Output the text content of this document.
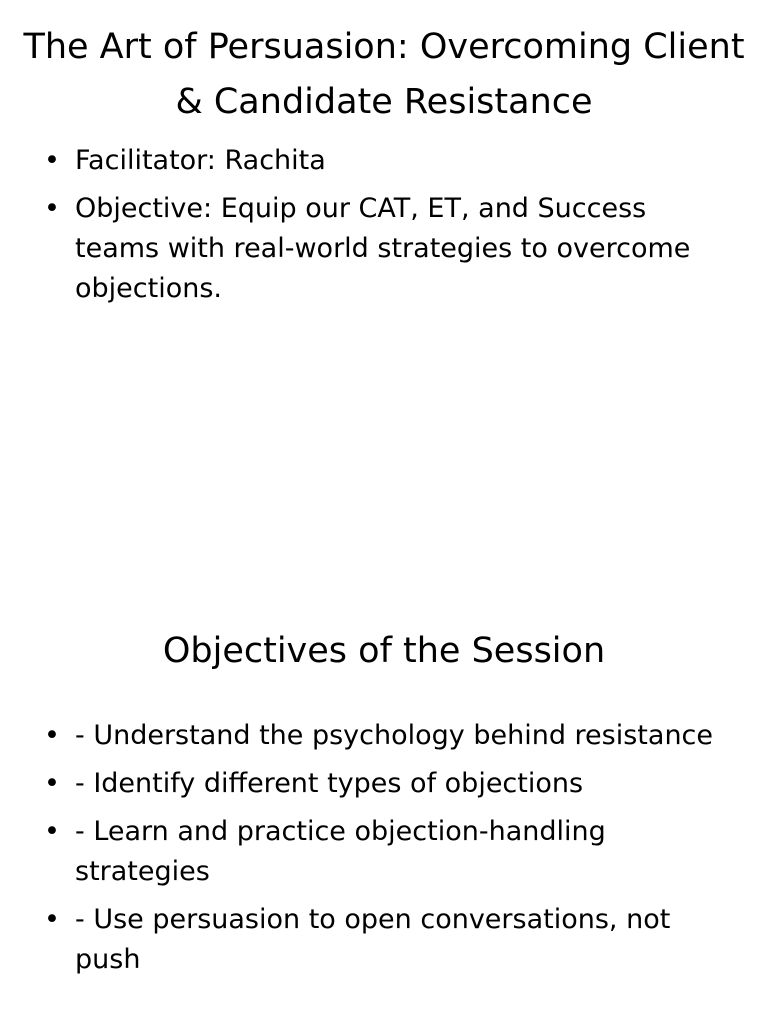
The Art of Persuasion: Overcoming Client & Candidate Resistance
• Facilitator: Rachita
• Objective: Equip our CAT, ET, and Success teams with real-world strategies to overcome objections.
Objectives of the Session
• - Understand the psychology behind resistance
• - Identify different types of objections
• - Learn and practice objection-handling strategies
• - Use persuasion to open conversations, not push
